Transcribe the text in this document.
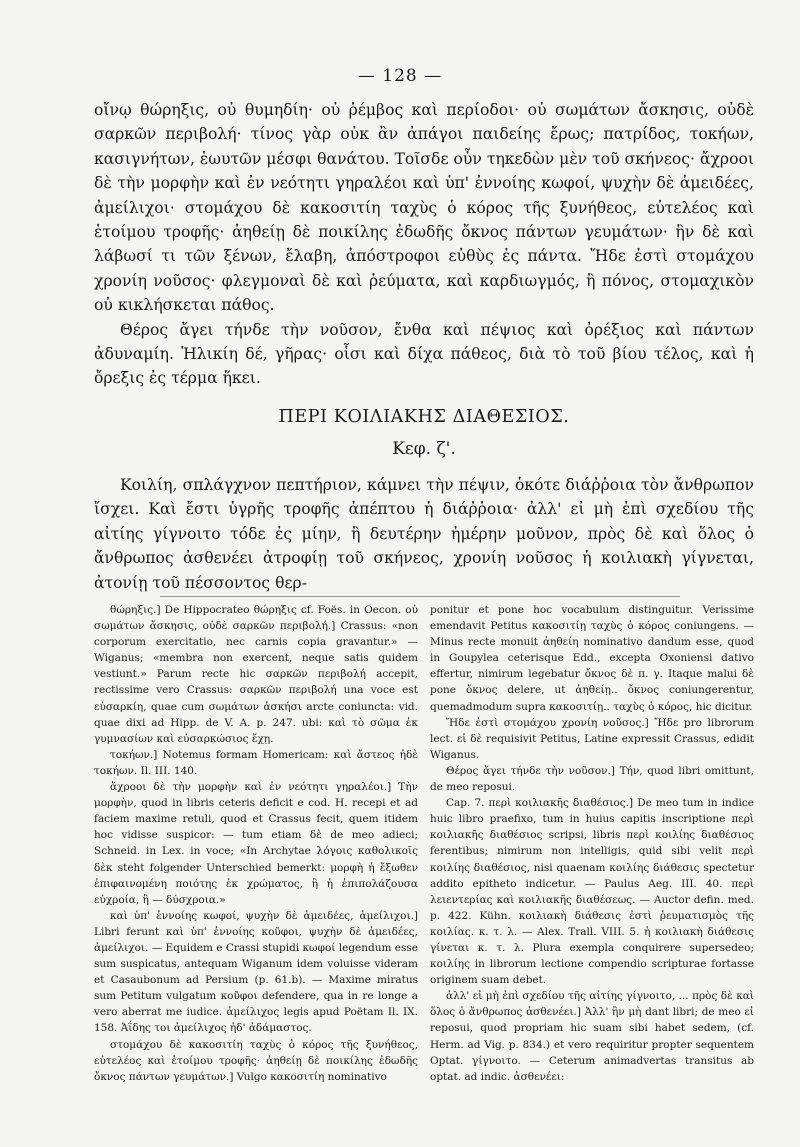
— 128 —

οἴνῳ θώρηξις, οὐ θυμηδίη· οὐ ῥέμβος καὶ περίοδοι· οὐ σωμάτων ἄσκησις, οὐδὲ σαρκῶν περιβολή· τίνος γὰρ οὐκ ἂν ἀπάγοι παιδείης ἔρως; πατρίδος, τοκήων, κασιγνήτων, ἑωυτῶν μέσφι θανάτου. Τοῖσδε οὖν τηκεδὼν μὲν τοῦ σκήνεος· ἄχροοι δὲ τὴν μορφὴν καὶ ἐν νεότητι γηραλέοι καὶ ὑπ' ἐννοίης κωφοί, ψυχὴν δὲ ἀμειδέες, ἀμείλιχοι· στομάχου δὲ κακοσιτίη ταχὺς ὁ κόρος τῆς ξυνήθεος, εὐτελέος καὶ ἑτοίμου τροφῆς· ἀηθείῃ δὲ ποικίλης ἐδωδῆς ὄκνος πάντων γευμάτων· ἣν δὲ καὶ λάβωσί τι τῶν ξένων, ἔλαβη, ἀπόστροφοι εὐθὺς ἐς πάντα. Ἤδε ἐστὶ στομάχου χρονίη νοῦσος· φλεγμοναὶ δὲ καὶ ῥεύματα, καὶ καρδιωγμός, ἢ πόνος, στομαχικὸν οὐ κικλήσκεται πάθος.

Θέρος ἄγει τήνδε τὴν νοῦσον, ἔνθα καὶ πέψιος καὶ ὀρέξιος καὶ πάντων ἀδυναμίη. Ἡλικίη δέ, γῆρας· οἷσι καὶ δίχα πάθεος, διὰ τὸ τοῦ βίου τέλος, καὶ ἡ ὄρεξις ἐς τέρμα ἥκει.

ΠΕΡΙ ΚΟΙΛΙΑΚΗΣ ΔΙΑΘΕΣΙΟΣ.
Κεφ. ζ'.

Κοιλίη, σπλάγχνον πεπτήριον, κάμνει τὴν πέψιν, ὁκότε διάῤῥοια τὸν ἄνθρωπον ἴσχει. Καὶ ἔστι ὑγρῆς τροφῆς ἀπέπτου ἡ διάῤῥοια· ἀλλ' εἰ μὴ ἐπὶ σχεδίου τῆς αἰτίης γίγνοιτο τόδε ἐς μίην, ἢ δευτέρην ἡμέρην μοῦνον, πρὸς δὲ καὶ ὅλος ὁ ἄνθρωπος ἀσθενέει ἀτροφίῃ τοῦ σκήνεος, χρονίη νοῦσος ἡ κοιλιακὴ γίγνεται, ἀτονίῃ τοῦ πέσσοντος θερ-

θώρηξις.] De Hippocrateo θώρηξις cf. Foës. in Oecon. οὐ σωμάτων ἄσκησις, οὐδὲ σαρκῶν περιβολή.] Crassus: «non corporum exercitatio, nec carnis copia gravantur.» — Wiganus; «membra non exercent, neque satis quidem vestiunt.» Parum recte hic σαρκῶν περιβολή accepit, rectissime vero Crassus: σαρκῶν περιβολή una voce est εὐσαρκίη, quae cum σωμάτων ἀσκήσι arcte coniuncta: vid. quae dixi ad Hipp. de V. A. p. 247. ubi: καὶ τὸ σῶμα ἐκ γυμνασίων καὶ εὐσαρκώσιος ἔχῃ.

τοκήων.] Notemus formam Homericam: καὶ ἄστεος ἠδὲ τοκήων. Il. III. 140.

ἄχροοι δὲ τὴν μορφὴν καὶ ἐν νεότητι γηραλέοι.] Τὴν μορφὴν, quod in libris ceteris deficit e cod. H. recepi et ad faciem maxime retuli, quod et Crassus fecit, quem itidem hoc vidisse suspicor: — tum etiam δὲ de meo adieci; Schneid. in Lex. in voce; «In Archytae λόγοις καθολικοῖς δὲκ steht folgender Unterschied bemerkt: μορφὴ ἡ ἔξωθεν ἐπιφαινομένη ποιότης ἐκ χρώματος, ἢ ἡ ἐπιπολάζουσα εὐχροία, ἢ — δύσχροια.»

καὶ ὑπ' ἐννοίης κωφοί, ψυχὴν δὲ ἀμειδέες, ἀμείλιχοι.] Libri ferunt καὶ ὑπ' ἐννοίης κοῦφοι, ψυχὴν δὲ ἀμειδέες, ἀμείλιχοι. — Equidem e Crassi stupidi κωφοί legendum esse sum suspicatus, antequam Wiganum idem voluisse videram et Casaubonum ad Persium (p. 61.b). — Maxime miratus sum Petitum vulgatum κοῦφοι defendere, qua in re longe a vero aberrat me iudice. ἀμείλιχος legis apud Poëtam Il. IX. 158. Ἀΐδης τοι ἀμείλιχος ἠδ' ἀδάμαστος.

στομάχου δὲ κακοσιτίη ταχὺς ὁ κόρος τῆς ξυνήθεος, εὐτελέος καὶ ἑτοίμου τροφῆς· ἀηθείῃ δὲ ποικίλης ἐδωδῆς ὄκνος πάντων γευμάτων.] Vulgo κακοσιτίη nominativo

ponitur et pone hoc vocabulum distinguitur. Verissime emendavit Petitus κακοσιτίῃ ταχὺς ὁ κόρος coniungens. — Minus recte monuit ἀηθείη nominativo dandum esse, quod in Goupylea ceterisque Edd., excepta Oxoniensi dativo effertur, nimirum legebatur ὄκνος δὲ π. γ. Itaque malui δὲ pone ὄκνος delere, ut ἀηθείῃ.. ὄκνος coniungerentur, quemadmodum supra κακοσιτίῃ.. ταχὺς ὁ κόρος, hic dicitur.

Ἤδε ἐστὶ στομάχου χρονίη νοῦσος.] Ἤδε pro librorum lect. εἰ δὲ requisivit Petitus, Latine expressit Crassus, edidit Wiganus.

Θέρος ἄγει τήνδε τὴν νοῦσον.] Τήν, quod libri omittunt, de meo reposui.

Cap. 7. περὶ κοιλιακῆς διαθέσιος.] De meo tum in indice huic libro praefixo, tum in huius capitis inscriptione περὶ κοιλιακῆς διαθέσιος scripsi, libris περὶ κοιλίης διαθέσιος ferentibus; nimirum non intelligis, quid sibi velit περὶ κοιλίης διαθέσιος, nisi quaenam κοιλίης διάθεσις spectetur addito epitheto indicetur. — Paulus Aeg. III. 40. περὶ λειεντερίας καὶ κοιλιακῆς διαθέσεως. — Auctor defin. med. p. 422. Kühn. κοιλιακὴ διάθεσις ἐστὶ ῥευματισμὸς τῆς κοιλίας. κ. τ. λ. — Alex. Trall. VIII. 5. ἡ κοιλιακὴ διάθεσις γίνεται κ. τ. λ. Plura exempla conquirere supersedeo; κοιλίης in librorum lectione compendio scripturae fortasse originem suam debet.

ἀλλ' εἰ μὴ ἐπὶ σχεδίου τῆς αἰτίης γίγνοιτο, ... πρὸς δὲ καὶ ὅλος ὁ ἄνθρωπος ἀσθενέει.] Ἀλλ' ἢν μὴ dant libri; de meo εἰ reposui, quod propriam hic suam sibi habet sedem, (cf. Herm. ad Vig. p. 834.) et vero requiritur propter sequentem Optat. γίγνοιτο. — Ceterum animadvertas transitus ab optat. ad indic. ἀσθενέει:
